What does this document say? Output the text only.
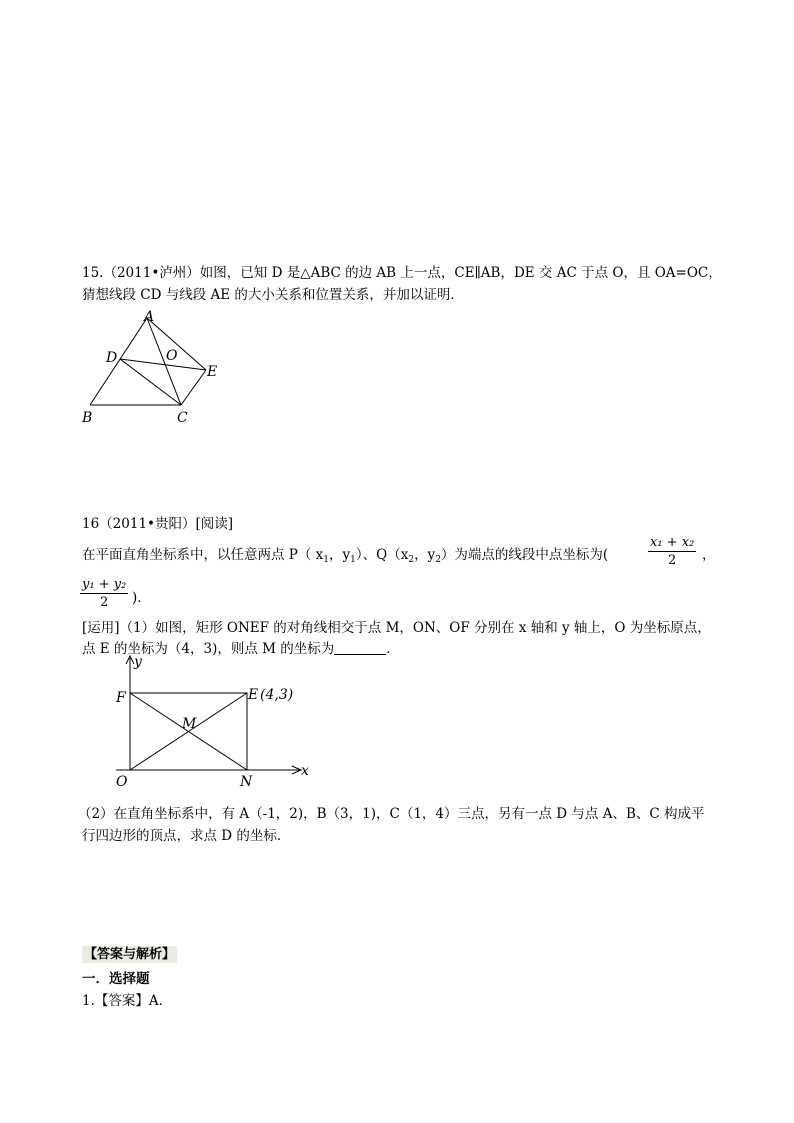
15.（2011•泸州）如图，已知 D 是△ABC 的边 AB 上一点，CE∥AB，DE 交 AC 于点 O，且 OA=OC，
猜想线段 CD 与线段 AE 的大小关系和位置关系，并加以证明．
A
B	C
D
E
O
16（2011•贵阳）[阅读]
在平面直角坐标系中，以任意两点 P（ $x_1$，$y_1$）、$Q(x_2$，$y_2$）为端点的线段中点坐标为(
x₁ + x₂
2	，
y₁ + y₂
2	)．
[运用]（1）如图，矩形 ONEF 的对角线相交于点 M，ON、OF 分别在 x 轴和 y 轴上，O 为坐标原点，
点 E 的坐标为（4，3)，则点 M 的坐标为	．
y
x
F	E (4,3)
M
O	N
（2）在直角坐标系中，有 A（-1，2)，B（3，1)，C（1，4）三点，另有一点 D 与点 A、B、C 构成平
行四边形的顶点，求点 D 的坐标．
【答案与解析】
一．选择题
1.【答案】A．
